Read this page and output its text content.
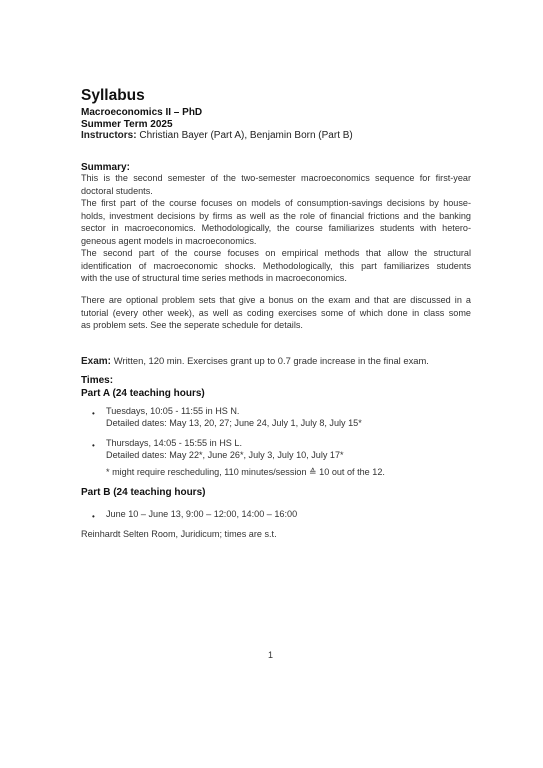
Syllabus
Macroeconomics II – PhD
Summer Term 2025
Instructors: Christian Bayer (Part A), Benjamin Born (Part B)
Summary:
This is the second semester of the two-semester macroeconomics sequence for first-year
doctoral students.
The first part of the course focuses on models of consumption-savings decisions by house-
holds, investment decisions by firms as well as the role of financial frictions and the banking
sector in macroeconomics. Methodologically, the course familiarizes students with hetero-
geneous agent models in macroeconomics.
The second part of the course focuses on empirical methods that allow the structural
identification of macroeconomic shocks. Methodologically, this part familiarizes students
with the use of structural time series methods in macroeconomics.
There are optional problem sets that give a bonus on the exam and that are discussed in a
tutorial (every other week), as well as coding exercises some of which done in class some
as problem sets. See the seperate schedule for details.
Exam: Written, 120 min. Exercises grant up to 0.7 grade increase in the final exam.
Times:
Part A (24 teaching hours)
• Tuesdays, 10:05 - 11:55 in HS N.
Detailed dates: May 13, 20, 27; June 24, July 1, July 8, July 15*
• Thursdays, 14:05 - 15:55 in HS L.
Detailed dates: May 22*, June 26*, July 3, July 10, July 17*
* might require rescheduling, 110 minutes/session ≙ 10 out of the 12.
Part B (24 teaching hours)
• June 10 – June 13, 9:00 – 12:00, 14:00 – 16:00
Reinhardt Selten Room, Juridicum; times are s.t.
1
